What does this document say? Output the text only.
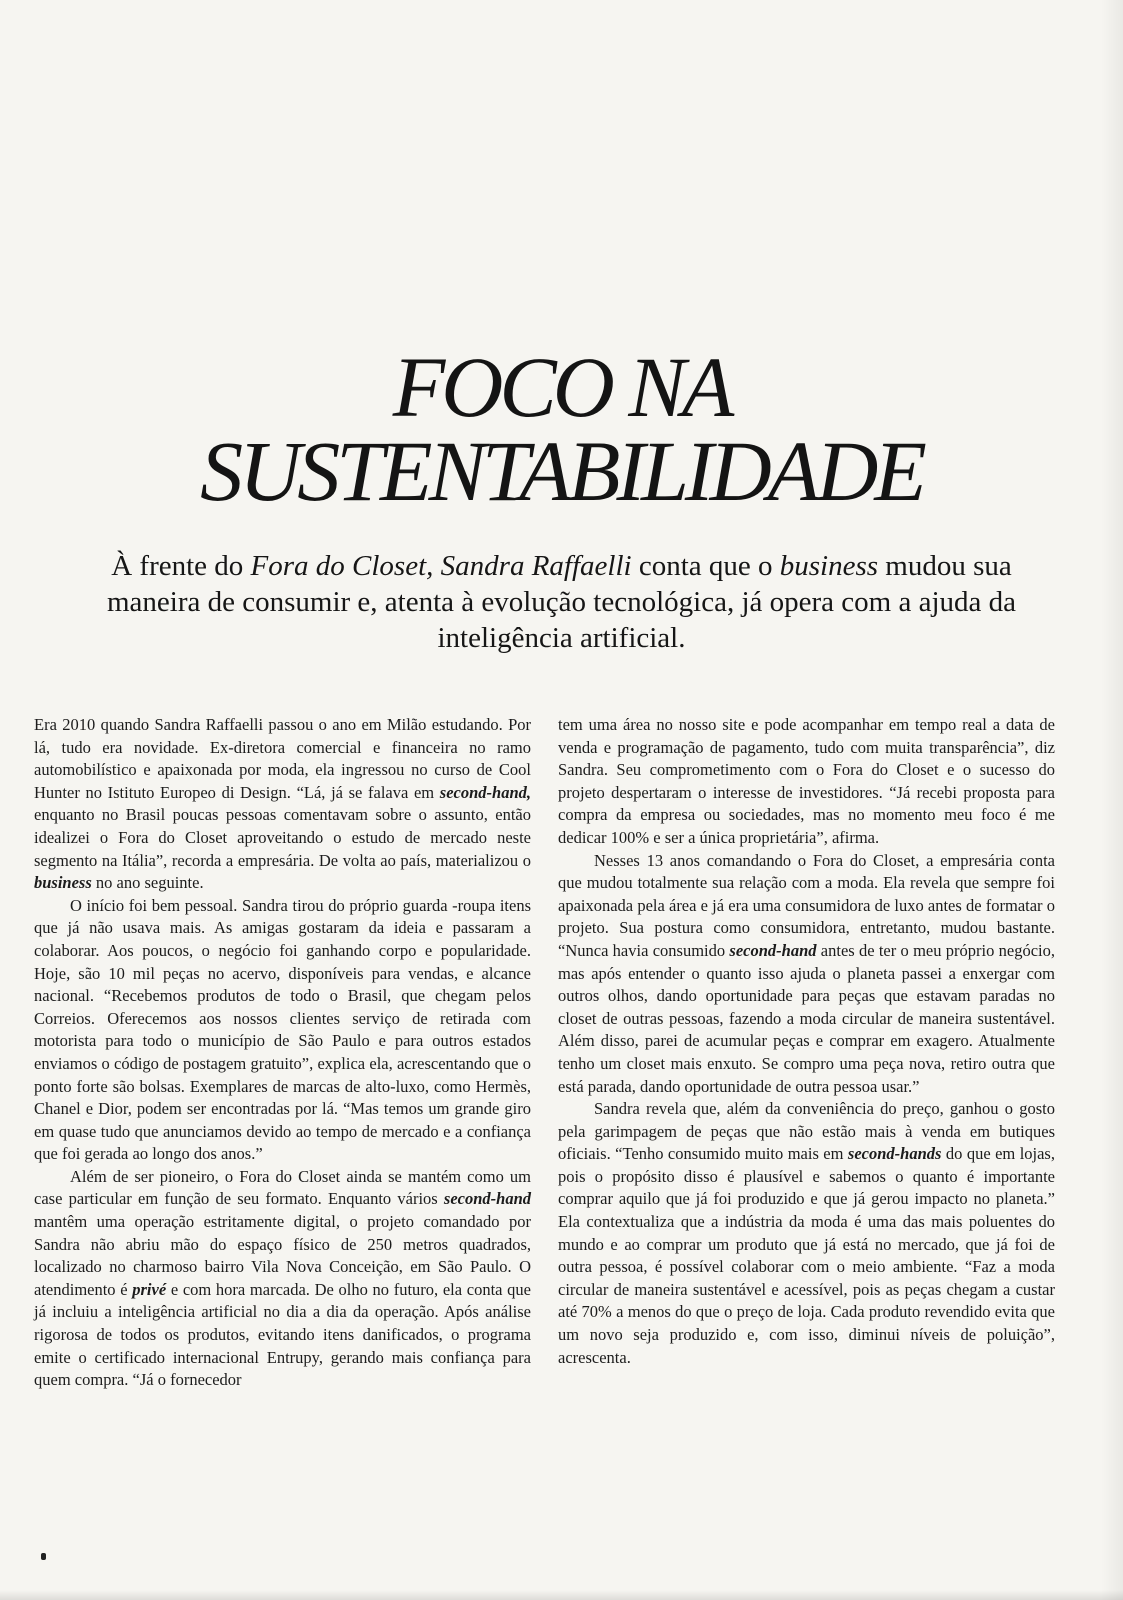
FOCO NA
SUSTENTABILIDADE

À frente do Fora do Closet, Sandra Raffaelli conta que o business mudou sua maneira de consumir e, atenta à evolução tecnológica, já opera com a ajuda da inteligência artificial.

Era 2010 quando Sandra Raffaelli passou o ano em Milão estudando. Por lá, tudo era novidade. Ex-diretora comercial e financeira no ramo automobilístico e apaixonada por moda, ela ingressou no curso de Cool Hunter no Istituto Europeo di Design. “Lá, já se falava em second-hand, enquanto no Brasil poucas pessoas comentavam sobre o assunto, então idealizei o Fora do Closet aproveitando o estudo de mercado neste segmento na Itália”, recorda a empresária. De volta ao país, materializou o business no ano seguinte.

O início foi bem pessoal. Sandra tirou do próprio guarda -roupa itens que já não usava mais. As amigas gostaram da ideia e passaram a colaborar. Aos poucos, o negócio foi ganhando corpo e popularidade. Hoje, são 10 mil peças no acervo, disponíveis para vendas, e alcance nacional. “Recebemos produtos de todo o Brasil, que chegam pelos Correios. Oferecemos aos nossos clientes serviço de retirada com motorista para todo o município de São Paulo e para outros estados enviamos o código de postagem gratuito”, explica ela, acrescentando que o ponto forte são bolsas. Exemplares de marcas de alto-luxo, como Hermès, Chanel e Dior, podem ser encontradas por lá. “Mas temos um grande giro em quase tudo que anunciamos devido ao tempo de mercado e a confiança que foi gerada ao longo dos anos.”

Além de ser pioneiro, o Fora do Closet ainda se mantém como um case particular em função de seu formato. Enquanto vários second-hand mantêm uma operação estritamente digital, o projeto comandado por Sandra não abriu mão do espaço físico de 250 metros quadrados, localizado no charmoso bairro Vila Nova Conceição, em São Paulo. O atendimento é privé e com hora marcada. De olho no futuro, ela conta que já incluiu a inteligência artificial no dia a dia da operação. Após análise rigorosa de todos os produtos, evitando itens danificados, o programa emite o certificado internacional Entrupy, gerando mais confiança para quem compra. “Já o fornecedor

tem uma área no nosso site e pode acompanhar em tempo real a data de venda e programação de pagamento, tudo com muita transparência”, diz Sandra. Seu comprometimento com o Fora do Closet e o sucesso do projeto despertaram o interesse de investidores. “Já recebi proposta para compra da empresa ou sociedades, mas no momento meu foco é me dedicar 100% e ser a única proprietária”, afirma.

Nesses 13 anos comandando o Fora do Closet, a empresária conta que mudou totalmente sua relação com a moda. Ela revela que sempre foi apaixonada pela área e já era uma consumidora de luxo antes de formatar o projeto. Sua postura como consumidora, entretanto, mudou bastante. “Nunca havia consumido second-hand antes de ter o meu próprio negócio, mas após entender o quanto isso ajuda o planeta passei a enxergar com outros olhos, dando oportunidade para peças que estavam paradas no closet de outras pessoas, fazendo a moda circular de maneira sustentável. Além disso, parei de acumular peças e comprar em exagero. Atualmente tenho um closet mais enxuto. Se compro uma peça nova, retiro outra que está parada, dando oportunidade de outra pessoa usar.”

Sandra revela que, além da conveniência do preço, ganhou o gosto pela garimpagem de peças que não estão mais à venda em butiques oficiais. “Tenho consumido muito mais em second-hands do que em lojas, pois o propósito disso é plausível e sabemos o quanto é importante comprar aquilo que já foi produzido e que já gerou impacto no planeta.” Ela contextualiza que a indústria da moda é uma das mais poluentes do mundo e ao comprar um produto que já está no mercado, que já foi de outra pessoa, é possível colaborar com o meio ambiente. “Faz a moda circular de maneira sustentável e acessível, pois as peças chegam a custar até 70% a menos do que o preço de loja. Cada produto revendido evita que um novo seja produzido e, com isso, diminui níveis de poluição”, acrescenta.
